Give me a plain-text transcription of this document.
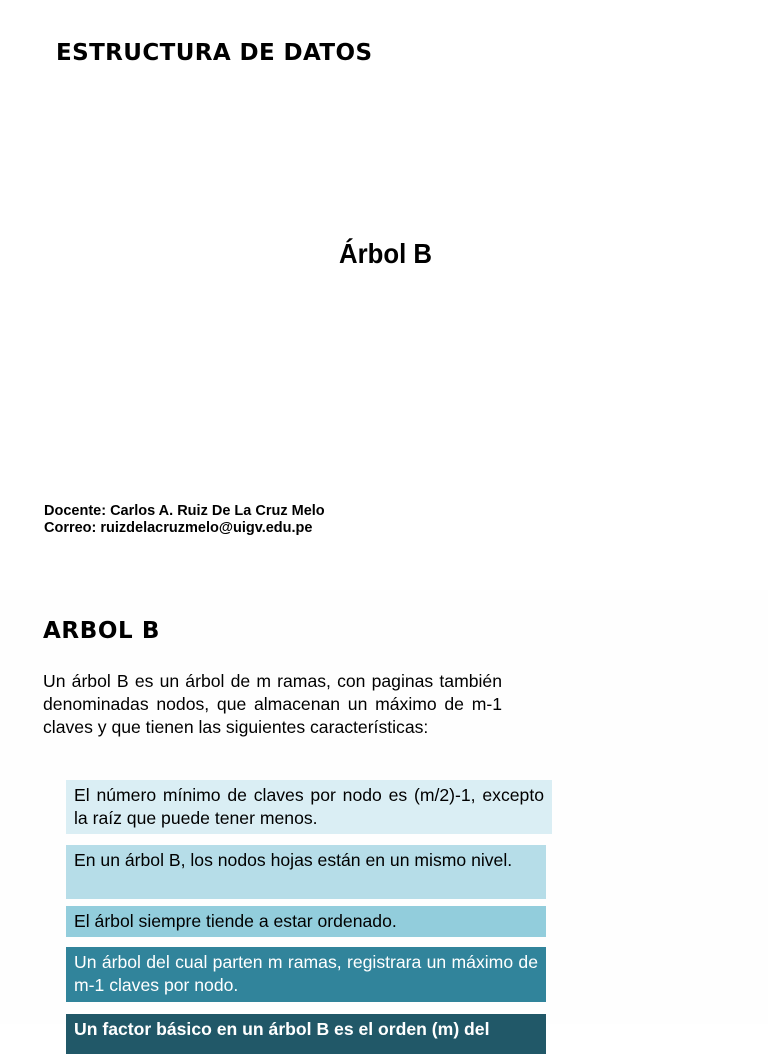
ESTRUCTURA DE DATOS
Árbol B
Docente: Carlos A. Ruiz De La Cruz Melo
Correo: ruizdelacruzmelo@uigv.edu.pe
ARBOL B

Un árbol B es un árbol de m ramas, con paginas también denominadas nodos, que almacenan un máximo de m-1 claves y que tienen las siguientes características:

El número mínimo de claves por nodo es (m/2)-1, excepto la raíz que puede tener menos.
En un árbol B, los nodos hojas están en un mismo nivel.
El árbol siempre tiende a estar ordenado.
Un árbol del cual parten m ramas, registrara un máximo de m-1 claves por nodo.
Un factor básico en un árbol B es el orden (m) del
